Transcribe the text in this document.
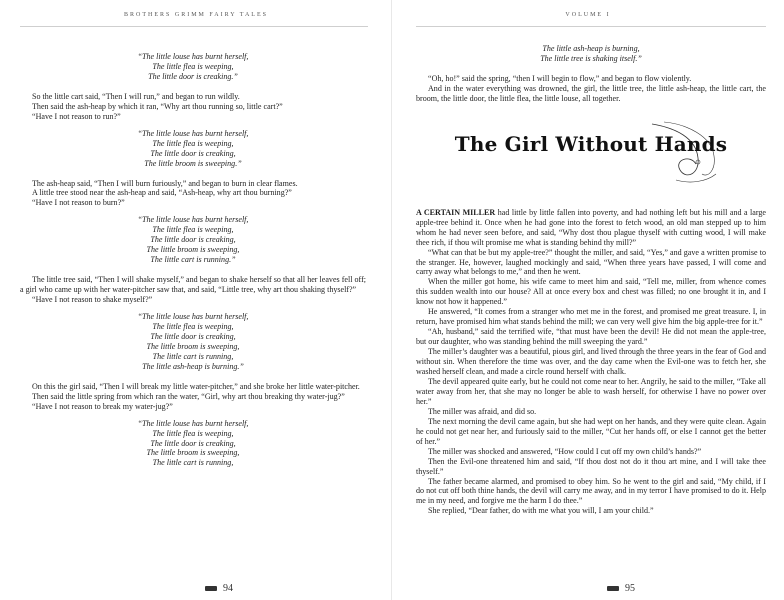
BROTHERS GRIMM FAIRY TALES
“The little louse has burnt herself,
The little flea is weeping,
The little door is creaking.”

So the little cart said, “Then I will run,” and began to run wildly.

Then said the ash-heap by which it ran, “Why art thou running so, little cart?”

“Have I not reason to run?”

“The little louse has burnt herself,
The little flea is weeping,
The little door is creaking,
The little broom is sweeping.”

The ash-heap said, “Then I will burn furiously,” and began to burn in clear flames.

A little tree stood near the ash-heap and said, “Ash-heap, why art thou burning?”

“Have I not reason to burn?”

“The little louse has burnt herself,
The little flea is weeping,
The little door is creaking,
The little broom is sweeping,
The little cart is running.”

The little tree said, “Then I will shake myself,” and began to shake herself so that all her leaves fell off; a girl who came up with her water-pitcher saw that, and said, “Little tree, why art thou shaking thyself?”

“Have I not reason to shake myself?”

“The little louse has burnt herself,
The little flea is weeping,
The little door is creaking,
The little broom is sweeping,
The little cart is running,
The little ash-heap is burning.”

On this the girl said, “Then I will break my little water-pitcher,” and she broke her little water-pitcher.

Then said the little spring from which ran the water, “Girl, why art thou breaking thy water-jug?”

“Have I not reason to break my water-jug?”

“The little louse has burnt herself,
The little flea is weeping,
The little door is creaking,
The little broom is sweeping,
The little cart is running,
94
VOLUME I
The little ash-heap is burning,
The little tree is shaking itself.”

“Oh, ho!” said the spring, “then I will begin to flow,” and began to flow violently.

And in the water everything was drowned, the girl, the little tree, the little ash-heap, the little cart, the broom, the little door, the little flea, the little louse, all together.

The Girl Without Hands

A CERTAIN MILLER had little by little fallen into poverty, and had nothing left but his mill and a large apple-tree behind it. Once when he had gone into the forest to fetch wood, an old man stepped up to him whom he had never seen before, and said, “Why dost thou plague thyself with cutting wood, I will make thee rich, if thou wilt promise me what is standing behind thy mill?”

“What can that be but my apple-tree?” thought the miller, and said, “Yes,” and gave a written promise to the stranger. He, however, laughed mockingly and said, “When three years have passed, I will come and carry away what belongs to me,” and then he went.

When the miller got home, his wife came to meet him and said, “Tell me, miller, from whence comes this sudden wealth into our house? All at once every box and chest was filled; no one brought it in, and I know not how it happened.”

He answered, “It comes from a stranger who met me in the forest, and promised me great treasure. I, in return, have promised him what stands behind the mill; we can very well give him the big apple-tree for it.”

“Ah, husband,” said the terrified wife, “that must have been the devil! He did not mean the apple-tree, but our daughter, who was standing behind the mill sweeping the yard.”

The miller’s daughter was a beautiful, pious girl, and lived through the three years in the fear of God and without sin. When therefore the time was over, and the day came when the Evil-one was to fetch her, she washed herself clean, and made a circle round herself with chalk.

The devil appeared quite early, but he could not come near to her. Angrily, he said to the miller, “Take all water away from her, that she may no longer be able to wash herself, for otherwise I have no power over her.”

The miller was afraid, and did so.

The next morning the devil came again, but she had wept on her hands, and they were quite clean. Again he could not get near her, and furiously said to the miller, “Cut her hands off, or else I cannot get the better of her.”

The miller was shocked and answered, “How could I cut off my own child’s hands?”

Then the Evil-one threatened him and said, “If thou dost not do it thou art mine, and I will take thee thyself.”

The father became alarmed, and promised to obey him. So he went to the girl and said, “My child, if I do not cut off both thine hands, the devil will carry me away, and in my terror I have promised to do it. Help me in my need, and forgive me the harm I do thee.”

She replied, “Dear father, do with me what you will, I am your child.”

95
